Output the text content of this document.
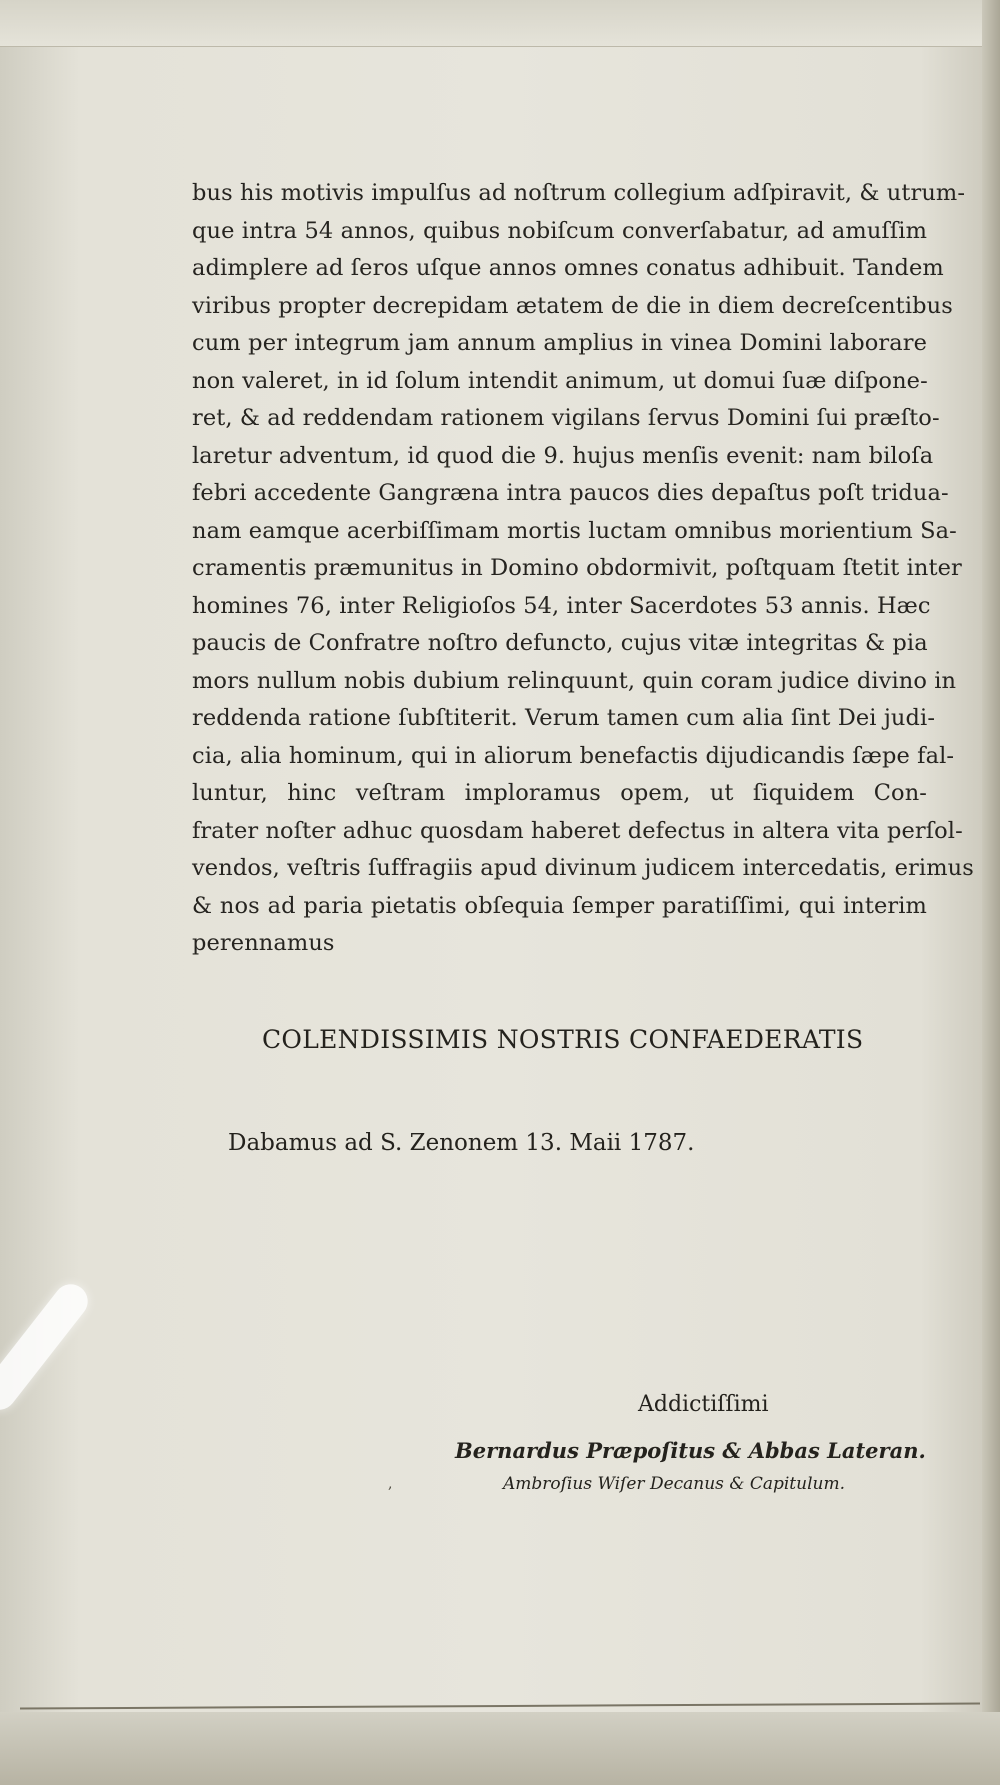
bus his motivis impulſus ad noſtrum collegium adſpiravit, & utrum-
que intra 54 annos, quibus nobiſcum converſabatur, ad amuſſim
adimplere ad ſeros uſque annos omnes conatus adhibuit. Tandem
viribus propter decrepidam ætatem de die in diem decreſcentibus
cum per integrum jam annum amplius in vinea Domini laborare
non valeret, in id ſolum intendit animum, ut domui ſuæ diſpone-
ret, & ad reddendam rationem vigilans ſervus Domini ſui præſto-
laretur adventum, id quod die 9. hujus menſis evenit: nam biloſa
febri accedente Gangræna intra paucos dies depaſtus poſt tridua-
nam eamque acerbiſſimam mortis luctam omnibus morientium Sa-
cramentis præmunitus in Domino obdormivit, poſtquam ſtetit inter
homines 76, inter Religioſos 54, inter Sacerdotes 53 annis. Hæc
paucis de Confratre noſtro defuncto, cujus vitæ integritas & pia
mors nullum nobis dubium relinquunt, quin coram judice divino in
reddenda ratione ſubſtiterit. Verum tamen cum alia ſint Dei judi-
cia, alia hominum, qui in aliorum benefactis dijudicandis ſæpe fal-
luntur, hinc veſtram imploramus opem, ut ſiquidem Con-
frater noſter adhuc quosdam haberet defectus in altera vita perſol-
vendos, veſtris ſuffragiis apud divinum judicem intercedatis, erimus
& nos ad paria pietatis obſequia ſemper paratiſſimi, qui interim
perennamus
COLENDISSIMIS NOSTRIS CONFAEDERATIS
Dabamus ad S. Zenonem 13. Maii 1787.
Addictiſſimi
,
Bernardus Præpoſitus & Abbas Lateran.
Ambroſius Wiſer Decanus & Capitulum.
